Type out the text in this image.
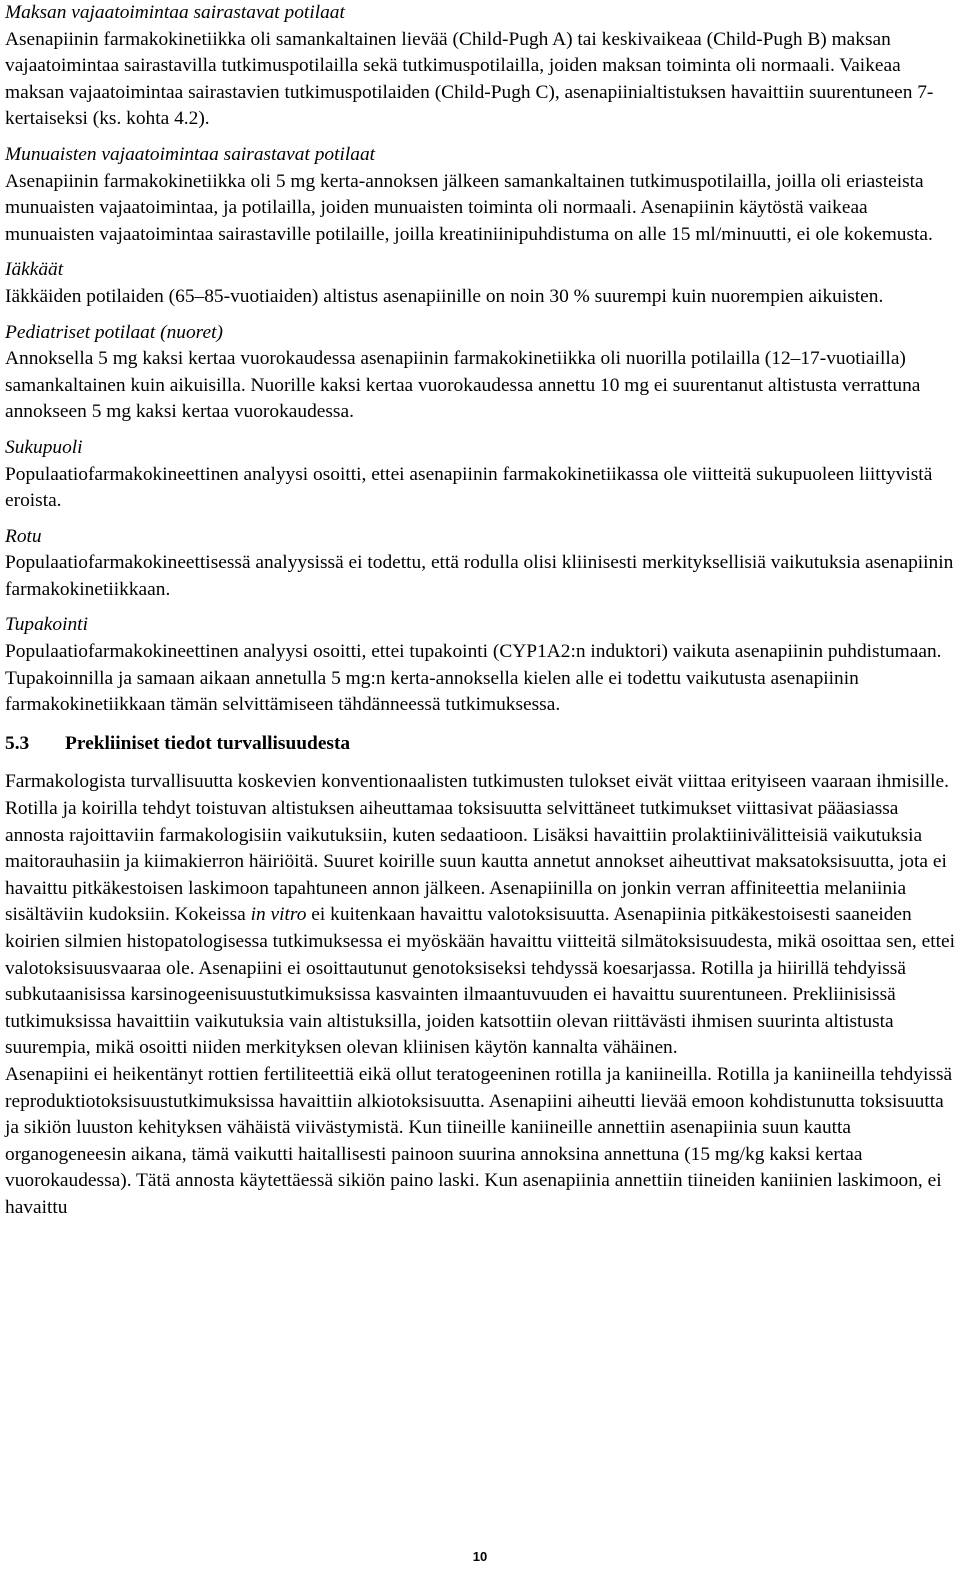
Maksan vajaatoimintaa sairastavat potilaat

Asenapiinin farmakokinetiikka oli samankaltainen lievää (Child-Pugh A) tai keskivaikeaa (Child-Pugh B) maksan vajaatoimintaa sairastavilla tutkimuspotilailla sekä tutkimuspotilailla, joiden maksan toiminta oli normaali. Vaikeaa maksan vajaatoimintaa sairastavien tutkimuspotilaiden (Child-Pugh C), asenapiinialtistuksen havaittiin suurentuneen 7-kertaiseksi (ks. kohta 4.2).

Munuaisten vajaatoimintaa sairastavat potilaat

Asenapiinin farmakokinetiikka oli 5 mg kerta-annoksen jälkeen samankaltainen tutkimuspotilailla, joilla oli eriasteista munuaisten vajaatoimintaa, ja potilailla, joiden munuaisten toiminta oli normaali. Asenapiinin käytöstä vaikeaa munuaisten vajaatoimintaa sairastaville potilaille, joilla kreatiniinipuhdistuma on alle 15 ml/minuutti, ei ole kokemusta.

Iäkkäät

Iäkkäiden potilaiden (65–85-vuotiaiden) altistus asenapiinille on noin 30 % suurempi kuin nuorempien aikuisten.

Pediatriset potilaat (nuoret)

Annoksella 5 mg kaksi kertaa vuorokaudessa asenapiinin farmakokinetiikka oli nuorilla potilailla (12–17-vuotiailla) samankaltainen kuin aikuisilla. Nuorille kaksi kertaa vuorokaudessa annettu 10 mg ei suurentanut altistusta verrattuna annokseen 5 mg kaksi kertaa vuorokaudessa.

Sukupuoli

Populaatiofarmakokineettinen analyysi osoitti, ettei asenapiinin farmakokinetiikassa ole viitteitä sukupuoleen liittyvistä eroista.

Rotu

Populaatiofarmakokineettisessä analyysissä ei todettu, että rodulla olisi kliinisesti merkityksellisiä vaikutuksia asenapiinin farmakokinetiikkaan.

Tupakointi

Populaatiofarmakokineettinen analyysi osoitti, ettei tupakointi (CYP1A2:n induktori) vaikuta asenapiinin puhdistumaan. Tupakoinnilla ja samaan aikaan annetulla 5 mg:n kerta-annoksella kielen alle ei todettu vaikutusta asenapiinin farmakokinetiikkaan tämän selvittämiseen tähdänneessä tutkimuksessa.

5.3	Prekliiniset tiedot turvallisuudesta

Farmakologista turvallisuutta koskevien konventionaalisten tutkimusten tulokset eivät viittaa erityiseen vaaraan ihmisille. Rotilla ja koirilla tehdyt toistuvan altistuksen aiheuttamaa toksisuutta selvittäneet tutkimukset viittasivat pääasiassa annosta rajoittaviin farmakologisiin vaikutuksiin, kuten sedaatioon. Lisäksi havaittiin prolaktiinivälitteisiä vaikutuksia maitorauhasiin ja kiimakierron häiriöitä. Suuret koirille suun kautta annetut annokset aiheuttivat maksatoksisuutta, jota ei havaittu pitkäkestoisen laskimoon tapahtuneen annon jälkeen. Asenapiinilla on jonkin verran affiniteettia melaniinia sisältäviin kudoksiin. Kokeissa in vitro ei kuitenkaan havaittu valotoksisuutta. Asenapiinia pitkäkestoisesti saaneiden koirien silmien histopatologisessa tutkimuksessa ei myöskään havaittu viitteitä silmätoksisuudesta, mikä osoittaa sen, ettei valotoksisuusvaaraa ole. Asenapiini ei osoittautunut genotoksiseksi tehdyssä koesarjassa. Rotilla ja hiirillä tehdyissä subkutaanisissa karsinogeenisuustutkimuksissa kasvainten ilmaantuvuuden ei havaittu suurentuneen. Prekliinisissä tutkimuksissa havaittiin vaikutuksia vain altistuksilla, joiden katsottiin olevan riittävästi ihmisen suurinta altistusta suurempia, mikä osoitti niiden merkityksen olevan kliinisen käytön kannalta vähäinen.

Asenapiini ei heikentänyt rottien fertiliteettiä eikä ollut teratogeeninen rotilla ja kaniineilla. Rotilla ja kaniineilla tehdyissä reproduktiotoksisuustutkimuksissa havaittiin alkiotoksisuutta. Asenapiini aiheutti lievää emoon kohdistunutta toksisuutta ja sikiön luuston kehityksen vähäistä viivästymistä. Kun tiineille kaniineille annettiin asenapiinia suun kautta organogeneesin aikana, tämä vaikutti haitallisesti painoon suurina annoksina annettuna (15 mg/kg kaksi kertaa vuorokaudessa). Tätä annosta käytettäessä sikiön paino laski. Kun asenapiinia annettiin tiineiden kaniinien laskimoon, ei havaittu

10
